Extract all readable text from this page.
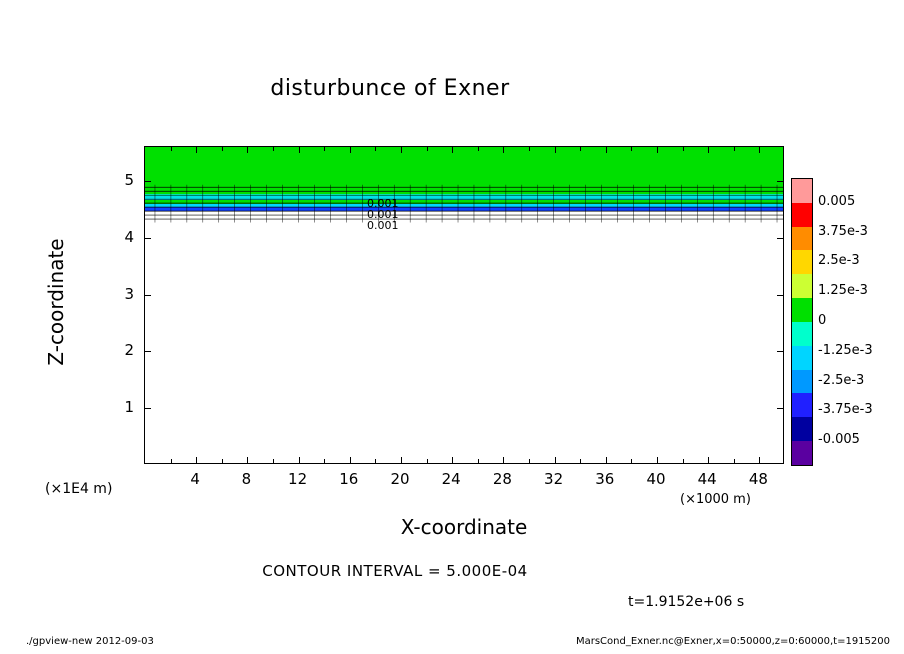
disturbunce of Exner
0.001
0.001
0.001
4	8	12	16	20	24	28	32	36	40	44	48
1
2
3
4
5
X-coordinate
Z-coordinate
(×1000 m)
(×1E4 m)
CONTOUR INTERVAL = 5.000E-04
t=1.9152e+06 s
0.005
3.75e-3
2.5e-3
1.25e-3
0
-1.25e-3
-2.5e-3
-3.75e-3
-0.005
./gpview-new 2012-09-03	MarsCond_Exner.nc@Exner,x=0:50000,z=0:60000,t=1915200
